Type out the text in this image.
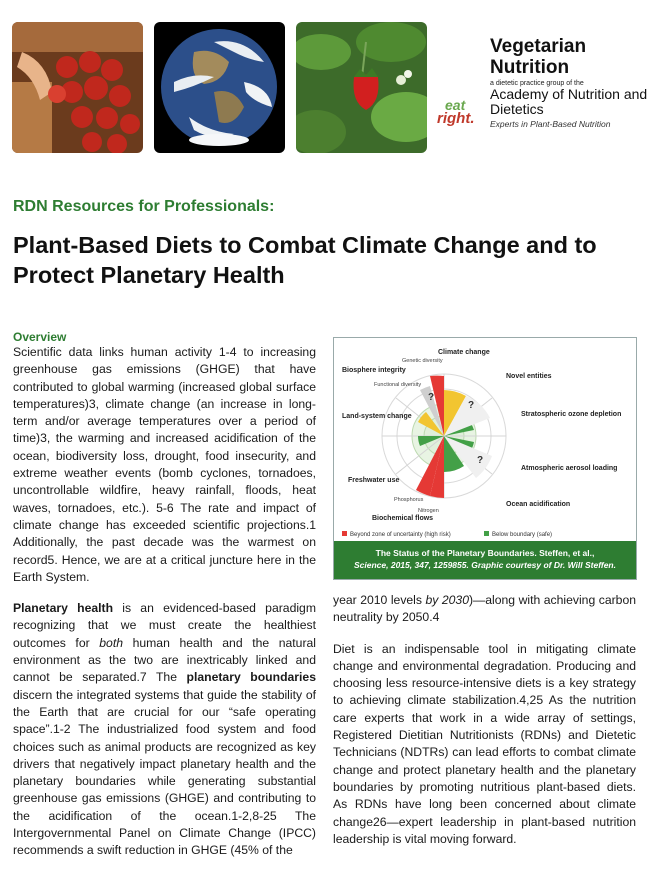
eat
right.
Vegetarian Nutrition
a dietetic practice group of the
Academy of Nutrition and Dietetics
Experts in Plant-Based Nutrition
RDN Resources for Professionals:
Plant-Based Diets to Combat Climate Change and to Protect Planetary Health
Overview

Scientific data links human activity 1-4 to increasing greenhouse gas emissions (GHGE) that have contributed to global warming (increased global surface temperatures)3, climate change (an increase in long-term and/or average temperatures over a period of time)3, the warming and increased acidification of the ocean, biodiversity loss, drought, food insecurity, and extreme weather events (bomb cyclones, tornadoes, uncontrollable wildfire, heavy rainfall, floods, heat waves, tornadoes, etc.). 5-6 The rate and impact of climate change has exceeded scientific projections.1 Additionally, the past decade was the warmest on record5. Hence, we are at a critical juncture here in the Earth System.

Planetary health is an evidenced-based paradigm recognizing that we must create the healthiest outcomes for both human health and the natural environment as the two are inextricably linked and cannot be separated.7 The planetary boundaries discern the integrated systems that guide the stability of the Earth that are crucial for our “safe operating space”.1-2 The industrialized food system and food choices such as animal products are recognized as key drivers that negatively impact planetary health and the planetary boundaries while generating substantial greenhouse gas emissions (GHGE) and contributing to the acidification of the ocean.1-2,8-25 The Intergovernmental Panel on Climate Change (IPCC) recommends a swift reduction in GHGE (45% of the

Climate change
Novel entities
Stratospheric ozone depletion
Atmospheric aerosol loading
Ocean acidification
Biochemical flows
Freshwater use
Land-system change
Biosphere integrity
Genetic diversity
Functional diversity
Phosphorus
Nitrogen
?
?
?
Beyond zone of uncertainty (high risk)	Below boundary (safe)

The Status of the Planetary Boundaries. Steffen, et al.,
Science, 2015, 347, 1259855. Graphic courtesy of Dr. Will Steffen.

year 2010 levels by 2030)—along with achieving carbon neutrality by 2050.4

Diet is an indispensable tool in mitigating climate change and environmental degradation. Producing and choosing less resource-intensive diets is a key strategy to achieving climate stabilization.4,25 As the nutrition care experts that work in a wide array of settings, Registered Dietitian Nutritionists (RDNs) and Dietetic Technicians (NDTRs) can lead efforts to combat climate change and protect planetary health and the planetary boundaries by promoting nutritious plant-based diets. As RDNs have long been concerned about climate change26—expert leadership in plant-based nutrition leadership is vital moving forward.
